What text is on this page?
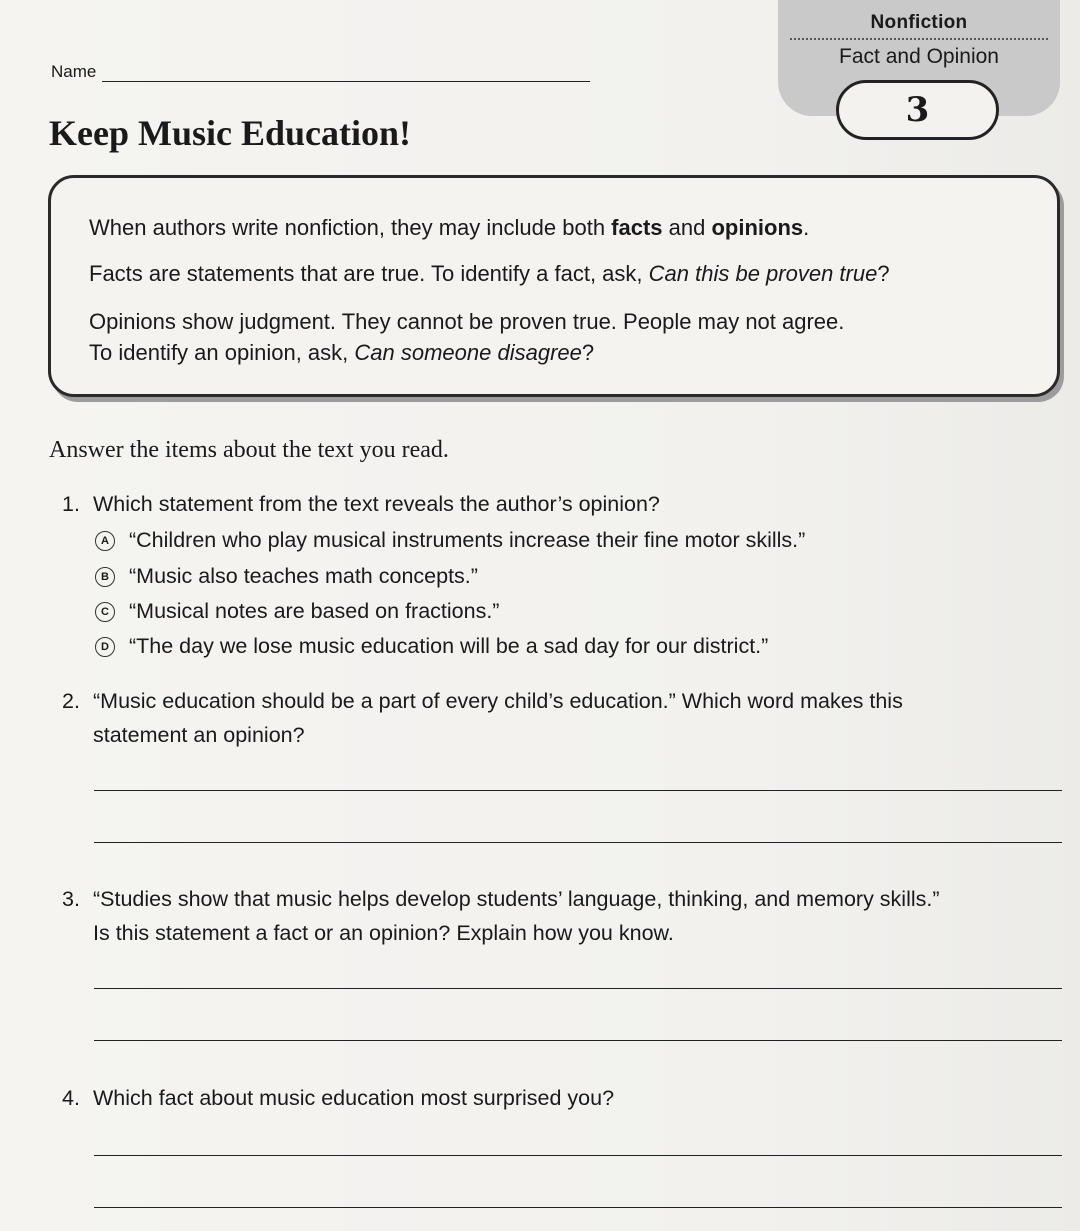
Name
Nonfiction
Fact and Opinion
3
Keep Music Education!

When authors write nonfiction, they may include both facts and opinions.

Facts are statements that are true. To identify a fact, ask, Can this be proven true?

Opinions show judgment. They cannot be proven true. People may not agree.
To identify an opinion, ask, Can someone disagree?

Answer the items about the text you read.

1. Which statement from the text reveals the author’s opinion?
A “Children who play musical instruments increase their fine motor skills.”
B “Music also teaches math concepts.”
C “Musical notes are based on fractions.”
D “The day we lose music education will be a sad day for our district.”
2. “Music education should be a part of every child’s education.” Which word makes this
statement an opinion?
3. “Studies show that music helps develop students’ language, thinking, and memory skills.”
Is this statement a fact or an opinion? Explain how you know.
4. Which fact about music education most surprised you?
